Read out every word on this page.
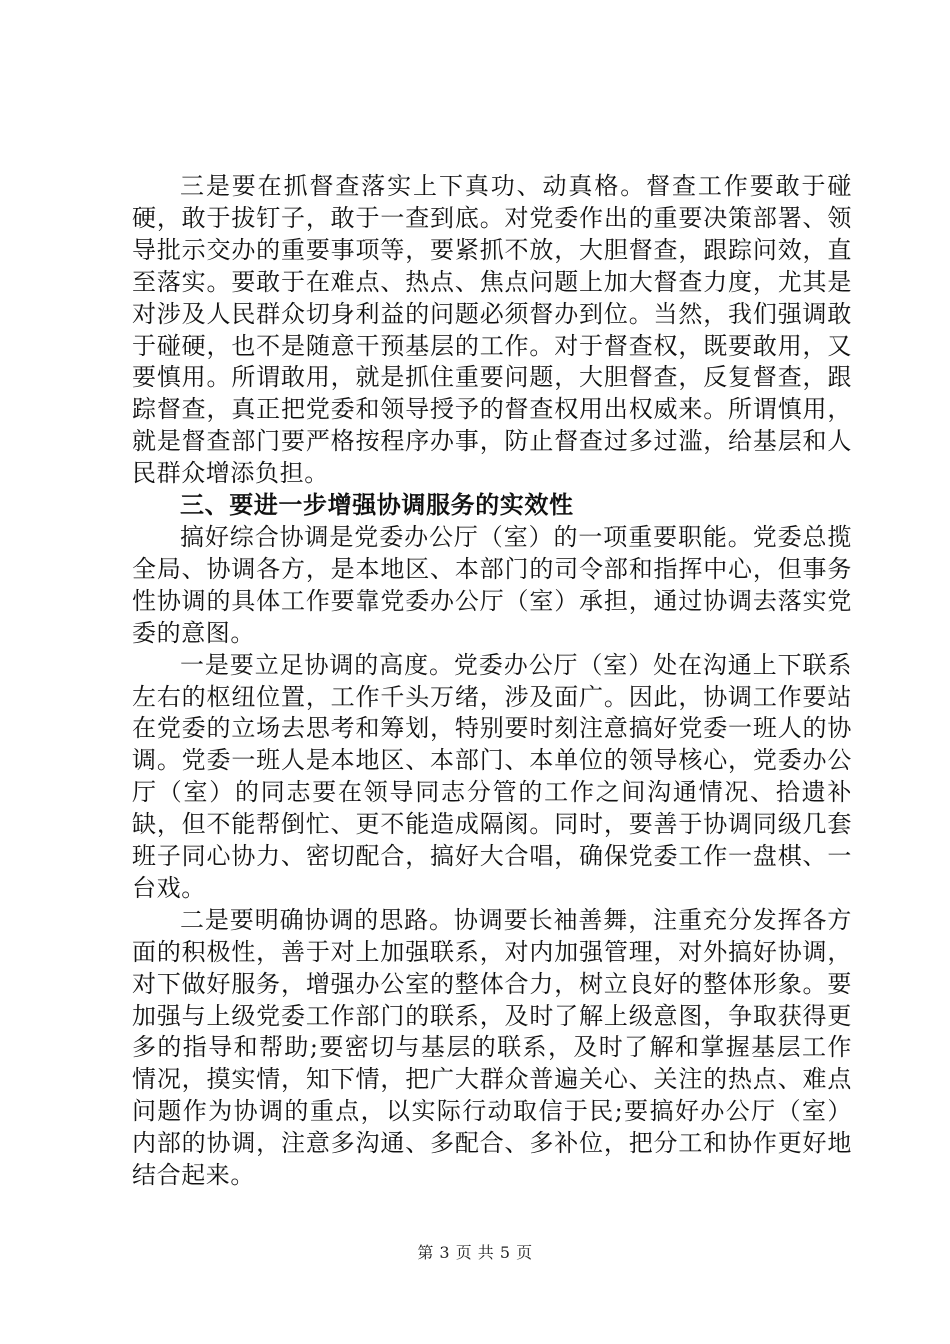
三是要在抓督查落实上下真功、动真格。督查工作要敢于碰硬，敢于拔钉子，敢于一查到底。对党委作出的重要决策部署、领导批示交办的重要事项等，要紧抓不放，大胆督查，跟踪问效，直至落实。要敢于在难点、热点、焦点问题上加大督查力度，尤其是对涉及人民群众切身利益的问题必须督办到位。当然，我们强调敢于碰硬，也不是随意干预基层的工作。对于督查权，既要敢用，又要慎用。所谓敢用，就是抓住重要问题，大胆督查，反复督查，跟踪督查，真正把党委和领导授予的督查权用出权威来。所谓慎用，就是督查部门要严格按程序办事，防止督查过多过滥，给基层和人民群众增添负担。

三、要进一步增强协调服务的实效性

搞好综合协调是党委办公厅（室）的一项重要职能。党委总揽全局、协调各方，是本地区、本部门的司令部和指挥中心，但事务性协调的具体工作要靠党委办公厅（室）承担，通过协调去落实党委的意图。

一是要立足协调的高度。党委办公厅（室）处在沟通上下联系左右的枢纽位置，工作千头万绪，涉及面广。因此，协调工作要站在党委的立场去思考和筹划，特别要时刻注意搞好党委一班人的协调。党委一班人是本地区、本部门、本单位的领导核心，党委办公厅（室）的同志要在领导同志分管的工作之间沟通情况、拾遗补缺，但不能帮倒忙、更不能造成隔阂。同时，要善于协调同级几套班子同心协力、密切配合，搞好大合唱，确保党委工作一盘棋、一台戏。

二是要明确协调的思路。协调要长袖善舞，注重充分发挥各方面的积极性，善于对上加强联系，对内加强管理，对外搞好协调，对下做好服务，增强办公室的整体合力，树立良好的整体形象。要加强与上级党委工作部门的联系，及时了解上级意图，争取获得更多的指导和帮助;要密切与基层的联系，及时了解和掌握基层工作情况，摸实情，知下情，把广大群众普遍关心、关注的热点、难点问题作为协调的重点，以实际行动取信于民;要搞好办公厅（室）内部的协调，注意多沟通、多配合、多补位，把分工和协作更好地结合起来。

第 3 页 共 5 页
